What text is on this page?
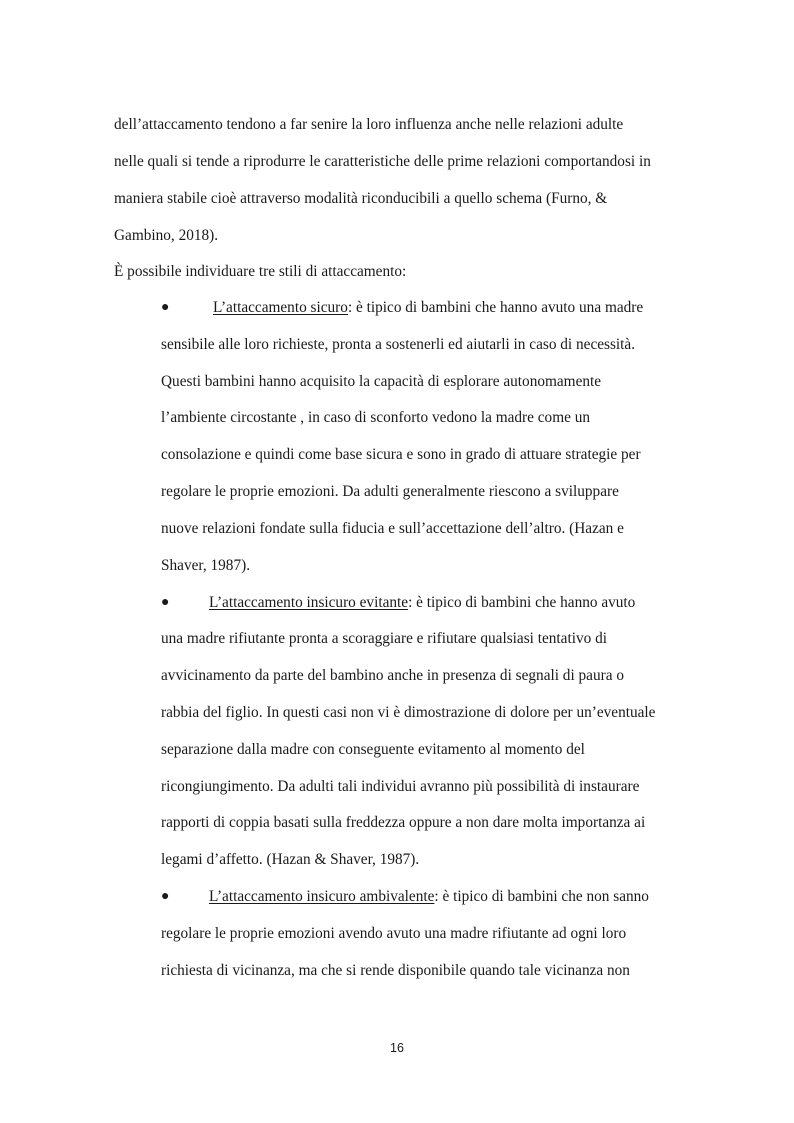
dell’attaccamento tendono a far senire la loro influenza anche nelle relazioni adulte
nelle quali si tende a riprodurre le caratteristiche delle prime relazioni comportandosi in
maniera stabile cioè attraverso modalità riconducibili a quello schema (Furno, &
Gambino, 2018).
È possibile individuare tre stili di attaccamento:
●	L’attaccamento sicuro: è tipico di bambini che hanno avuto una madre
sensibile alle loro richieste, pronta a sostenerli ed aiutarli in caso di necessità.
Questi bambini hanno acquisito la capacità di esplorare autonomamente
l’ambiente circostante , in caso di sconforto vedono la madre come un
consolazione e quindi come base sicura e sono in grado di attuare strategie per
regolare le proprie emozioni. Da adulti generalmente riescono a sviluppare
nuove relazioni fondate sulla fiducia e sull’accettazione dell’altro. (Hazan e
Shaver, 1987).
●	L’attaccamento insicuro evitante: è tipico di bambini che hanno avuto
una madre rifiutante pronta a scoraggiare e rifiutare qualsiasi tentativo di
avvicinamento da parte del bambino anche in presenza di segnali di paura o
rabbia del figlio. In questi casi non vi è dimostrazione di dolore per un’eventuale
separazione dalla madre con conseguente evitamento al momento del
ricongiungimento. Da adulti tali individui avranno più possibilità di instaurare
rapporti di coppia basati sulla freddezza oppure a non dare molta importanza ai
legami d’affetto. (Hazan & Shaver, 1987).
●	L’attaccamento insicuro ambivalente: è tipico di bambini che non sanno
regolare le proprie emozioni avendo avuto una madre rifiutante ad ogni loro
richiesta di vicinanza, ma che si rende disponibile quando tale vicinanza non
16
